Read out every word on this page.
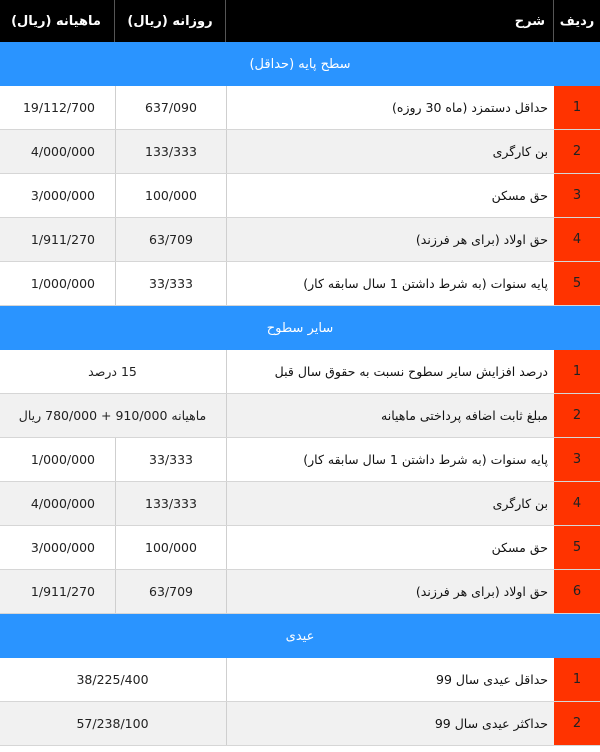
ردیف
شرح
روزانه (ریال)
ماهیانه (ریال)
سطح پایه (حداقل)
1
حداقل دستمزد (ماه 30 روزه)
637/090
19/112/700
2
بن کارگری
133/333
4/000/000
3
حق مسکن
100/000
3/000/000
4
حق اولاد (برای هر فرزند)
63/709
1/911/270
5
پایه سنوات (به شرط داشتن 1 سال سابقه کار)
33/333
1/000/000
سایر سطوح
1
درصد افزایش سایر سطوح نسبت به حقوق سال قبل
15 درصد
2
مبلغ ثابت اضافه پرداختی ماهیانه
ماهیانه 910/000 + 780/000 ریال
3
پایه سنوات (به شرط داشتن 1 سال سابقه کار)
33/333
1/000/000
4
بن کارگری
133/333
4/000/000
5
حق مسکن
100/000
3/000/000
6
حق اولاد (برای هر فرزند)
63/709
1/911/270
عیدی
1
حداقل عیدی سال 99
38/225/400
2
حداکثر عیدی سال 99
57/238/100
